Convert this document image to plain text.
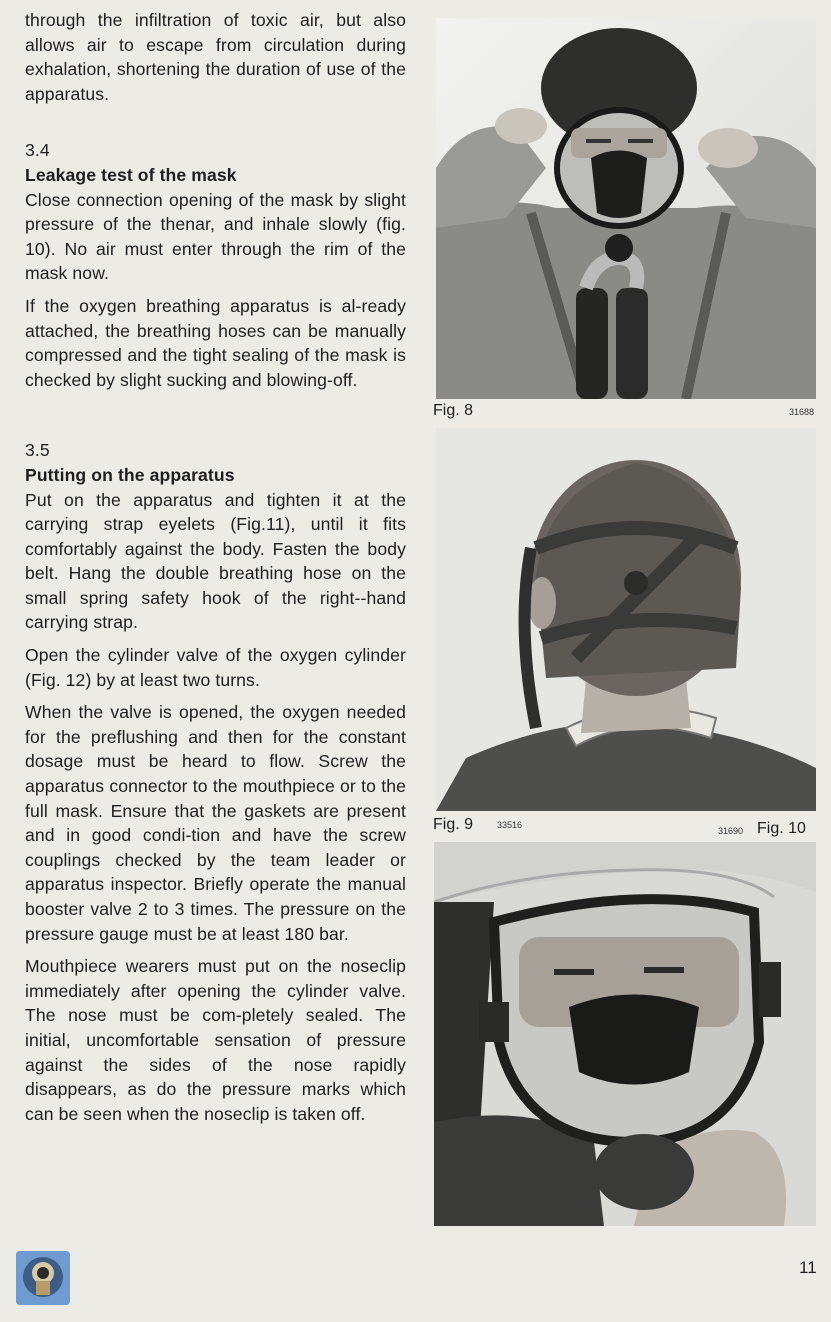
through the infiltration of toxic air, but also allows air to escape from circulation during exhalation, shortening the duration of use of the apparatus.

3.4

Leakage test of the mask

Close connection opening of the mask by slight pressure of the thenar, and inhale slowly (fig. 10). No air must enter through the rim of the mask now.

If the oxygen breathing apparatus is al-ready attached, the breathing hoses can be manually compressed and the tight sealing of the mask is checked by slight sucking and blowing-off.

3.5

Putting on the apparatus

Put on the apparatus and tighten it at the carrying strap eyelets (Fig.11), until it fits comfortably against the body. Fasten the body belt. Hang the double breathing hose on the small spring safety hook of the right--hand carrying strap.

Open the cylinder valve of the oxygen cylinder (Fig. 12) by at least two turns.

When the valve is opened, the oxygen needed for the preflushing and then for the constant dosage must be heard to flow. Screw the apparatus connector to the mouthpiece or to the full mask. Ensure that the gaskets are present and in good condi-tion and have the screw couplings checked by the team leader or apparatus inspector. Briefly operate the manual booster valve 2 to 3 times. The pressure on the pressure gauge must be at least 180 bar.

Mouthpiece wearers must put on the noseclip immediately after opening the cylinder valve. The nose must be com-pletely sealed. The initial, uncomfortable sensation of pressure against the sides of the nose rapidly disappears, as do the pressure marks which can be seen when the noseclip is taken off.

Fig. 8	31688
Fig. 9	33516
31690 Fig. 10
11
